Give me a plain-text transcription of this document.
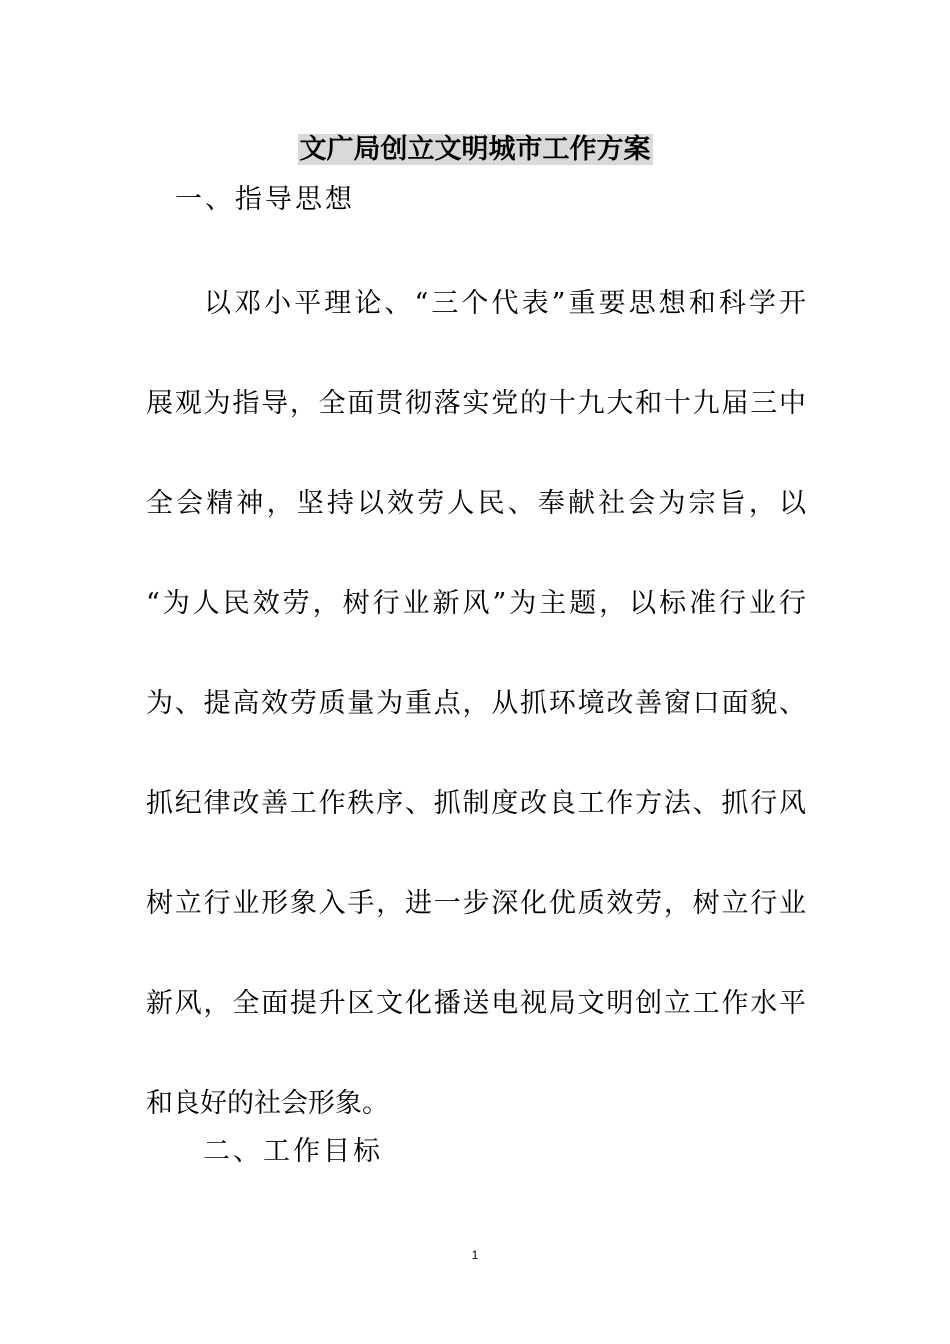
文广局创立文明城市工作方案

一、指导思想

以邓小平理论、“三个代表”重要思想和科学开
展观为指导，全面贯彻落实党的十九大和十九届三中
全会精神，坚持以效劳人民、奉献社会为宗旨，以
“为人民效劳，树行业新风”为主题，以标准行业行
为、提高效劳质量为重点，从抓环境改善窗口面貌、
抓纪律改善工作秩序、抓制度改良工作方法、抓行风
树立行业形象入手，进一步深化优质效劳，树立行业
新风，全面提升区文化播送电视局文明创立工作水平
和良好的社会形象。

二、工作目标

1
